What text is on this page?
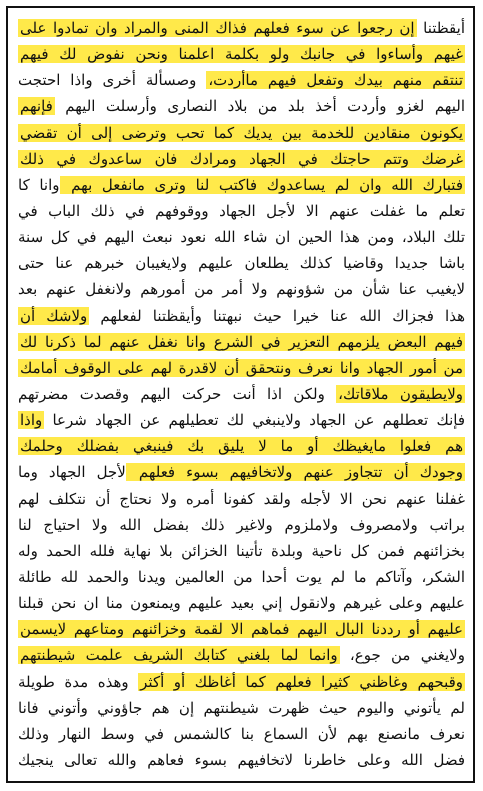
أيقظتنا إن رجعوا عن سوء فعلهم فذاك المنى والمراد وان تمادوا على
غيهم وأساءوا في جانبك ولو بكلمة اعلمنا ونحن نفوض لك فيهم
تنتقم منهم بيدك وتفعل فيهم ماأردت، وصسألة أخرى واذا احتجت
اليهم لغزو وأردت أخذ بلد من بلاد النصارى وأرسلت اليهم فإنهم
يكونون منقادين للخدمة بين يديك كما تحب وترضى إلى أن تقضي
غرضك وتتم حاجتك في الجهاد ومرادك فان ساعدوك في ذلك
فتبارك الله وان لم يساعدوك فاكتب لنا وترى مانفعل بهم وانا كا
تعلم ما غفلت عنهم الا لأجل الجهاد ووقوفهم في ذلك الباب في
تلك البلاد، ومن هذا الحين ان شاء الله نعود نبعث اليهم في كل سنة
باشا جديدا وقاضيا كذلك يطلعان عليهم ولايغيبان خبرهم عنا حتى
لايغيب عنا شأن من شؤونهم ولا أمر من أمورهم ولانغفل عنهم بعد
هذا فجزاك الله عنا خيرا حيث نبهتنا وأيقظتنا لفعلهم ولاشك أن
فيهم البعض يلزمهم التعزير في الشرع وانا نغفل عنهم لما ذكرنا لك
من أمور الجهاد وانا نعرف ونتحقق أن لاقدرة لهم على الوقوف أمامك
ولايطيقون ملاقاتك، ولكن اذا أنت حركت اليهم وقصدت مضرتهم
فإنك تعطلهم عن الجهاد ولاينبغي لك تعطيلهم عن الجهاد شرعا واذا
هم فعلوا مايغيظك أو ما لا يليق بك فينبغي بفضلك وحلمك
وجودك أن تتجاوز عنهم ولاتخافيهم بسوء فعلهم لأجل الجهاد وما
غفلنا عنهم نحن الا لأجله ولقد كفونا أمره ولا نحتاج أن نتكلف لهم
براتب ولامصروف ولاملزوم ولاغير ذلك بفضل الله ولا احتياج لنا
بخزائنهم فمن كل ناحية وبلدة تأتينا الخزائن بلا نهاية فلله الحمد وله
الشكر، وآتاكم ما لم يوت أحدا من العالمين ويدنا والحمد لله طائلة
عليهم وعلى غيرهم ولانقول إني بعيد عليهم ويمنعون منا ان نحن قبلنا
عليهم أو رددنا البال اليهم فماهم الا لقمة وخزائنهم ومتاعهم لايسمن
ولايغني من جوع، وانما لما بلغني كتابك الشريف علمت شيطنتهم
وقبحهم وغاظني كثيرا فعلهم كما أغاظك أو أكثر وهذه مدة طويلة
لم يأتوني واليوم حيث ظهرت شيطنتهم إن هم جاؤوني وأتوني فانا
نعرف مانصنع بهم لأن السماع بنا كالشمس في وسط النهار وذلك
فضل الله وعلى خاطرنا لاتخافيهم بسوء فعاهم والله تعالى ينجيك
